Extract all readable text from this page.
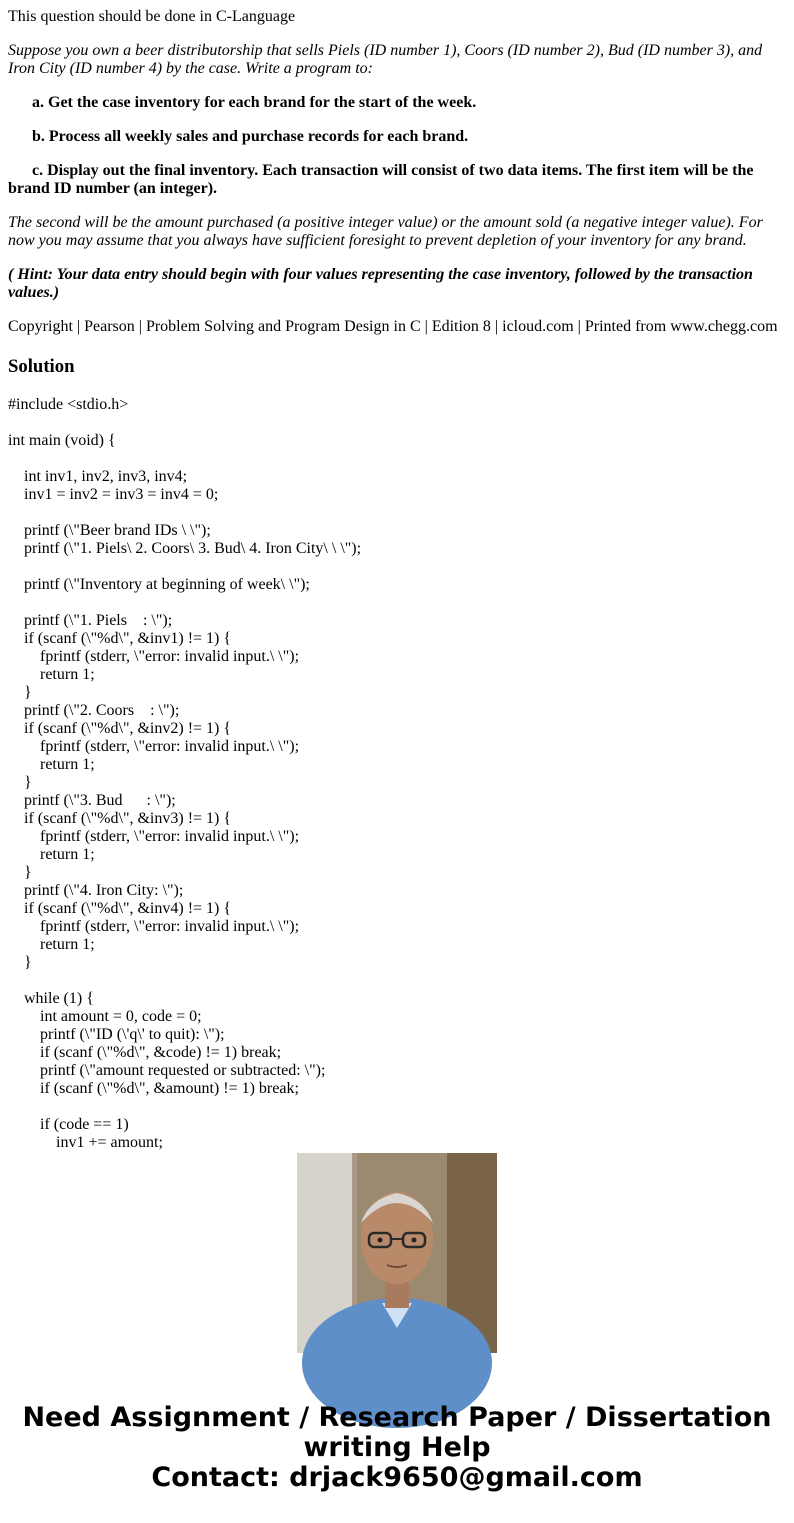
This question should be done in C-Language

Suppose you own a beer distributorship that sells Piels (ID number 1), Coors (ID number 2), Bud (ID number 3), and Iron City (ID number 4) by the case. Write a program to:

a. Get the case inventory for each brand for the start of the week.

b. Process all weekly sales and purchase records for each brand.

c. Display out the final inventory. Each transaction will consist of two data items. The first item will be the brand ID number (an integer).

The second will be the amount purchased (a positive integer value) or the amount sold (a negative integer value). For now you may assume that you always have sufficient foresight to prevent depletion of your inventory for any brand.

( Hint: Your data entry should begin with four values representing the case inventory, followed by the transaction values.)

Copyright | Pearson | Problem Solving and Program Design in C | Edition 8 | icloud.com | Printed from www.chegg.com

Solution
#include <stdio.h>
int main (void) {
int inv1, inv2, inv3, inv4;
inv1 = inv2 = inv3 = inv4 = 0;
printf (\"Beer brand IDs \ \");
printf (\"1. Piels\ 2. Coors\ 3. Bud\ 4. Iron City\ \ \");
printf (\"Inventory at beginning of week\ \");
printf (\"1. Piels    : \");
if (scanf (\"%d\", &inv1) != 1) {
fprintf (stderr, \"error: invalid input.\ \");
return 1;
}
printf (\"2. Coors    : \");
if (scanf (\"%d\", &inv2) != 1) {
fprintf (stderr, \"error: invalid input.\ \");
return 1;
}
printf (\"3. Bud      : \");
if (scanf (\"%d\", &inv3) != 1) {
fprintf (stderr, \"error: invalid input.\ \");
return 1;
}
printf (\"4. Iron City: \");
if (scanf (\"%d\", &inv4) != 1) {
fprintf (stderr, \"error: invalid input.\ \");
return 1;
}
while (1) {
int amount = 0, code = 0;
printf (\"ID (\'q\' to quit): \");
if (scanf (\"%d\", &code) != 1) break;
printf (\"amount requested or subtracted: \");
if (scanf (\"%d\", &amount) != 1) break;
if (code == 1)
inv1 += amount;
Need Assignment / Research Paper / Dissertation
writing Help
Contact: drjack9650@gmail.com
